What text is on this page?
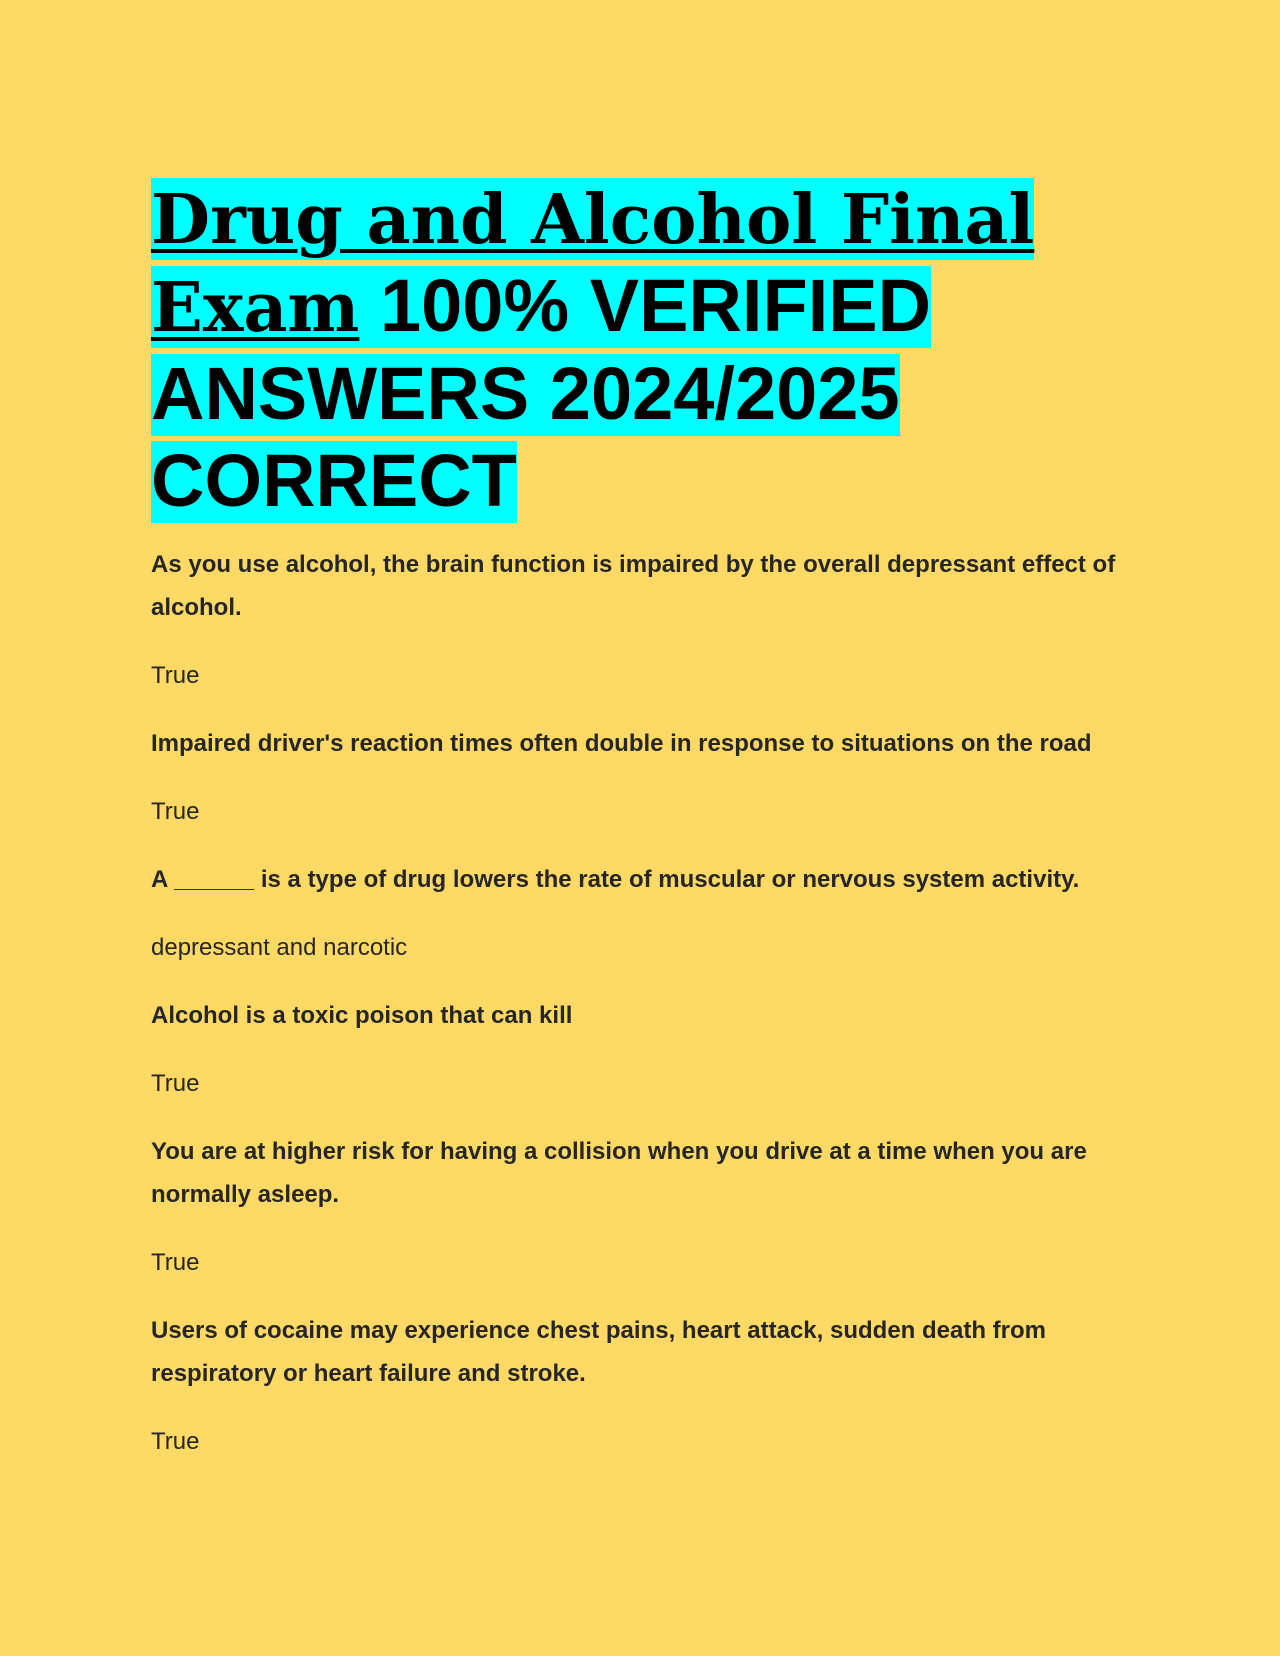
Drug and Alcohol Final Exam 100% VERIFIED ANSWERS 2024/2025 CORRECT

As you use alcohol, the brain function is impaired by the overall depressant effect of alcohol.

True

Impaired driver's reaction times often double in response to situations on the road

True

A ______ is a type of drug lowers the rate of muscular or nervous system activity.

depressant and narcotic

Alcohol is a toxic poison that can kill

True

You are at higher risk for having a collision when you drive at a time when you are normally asleep.

True

Users of cocaine may experience chest pains, heart attack, sudden death from respiratory or heart failure and stroke.

True
